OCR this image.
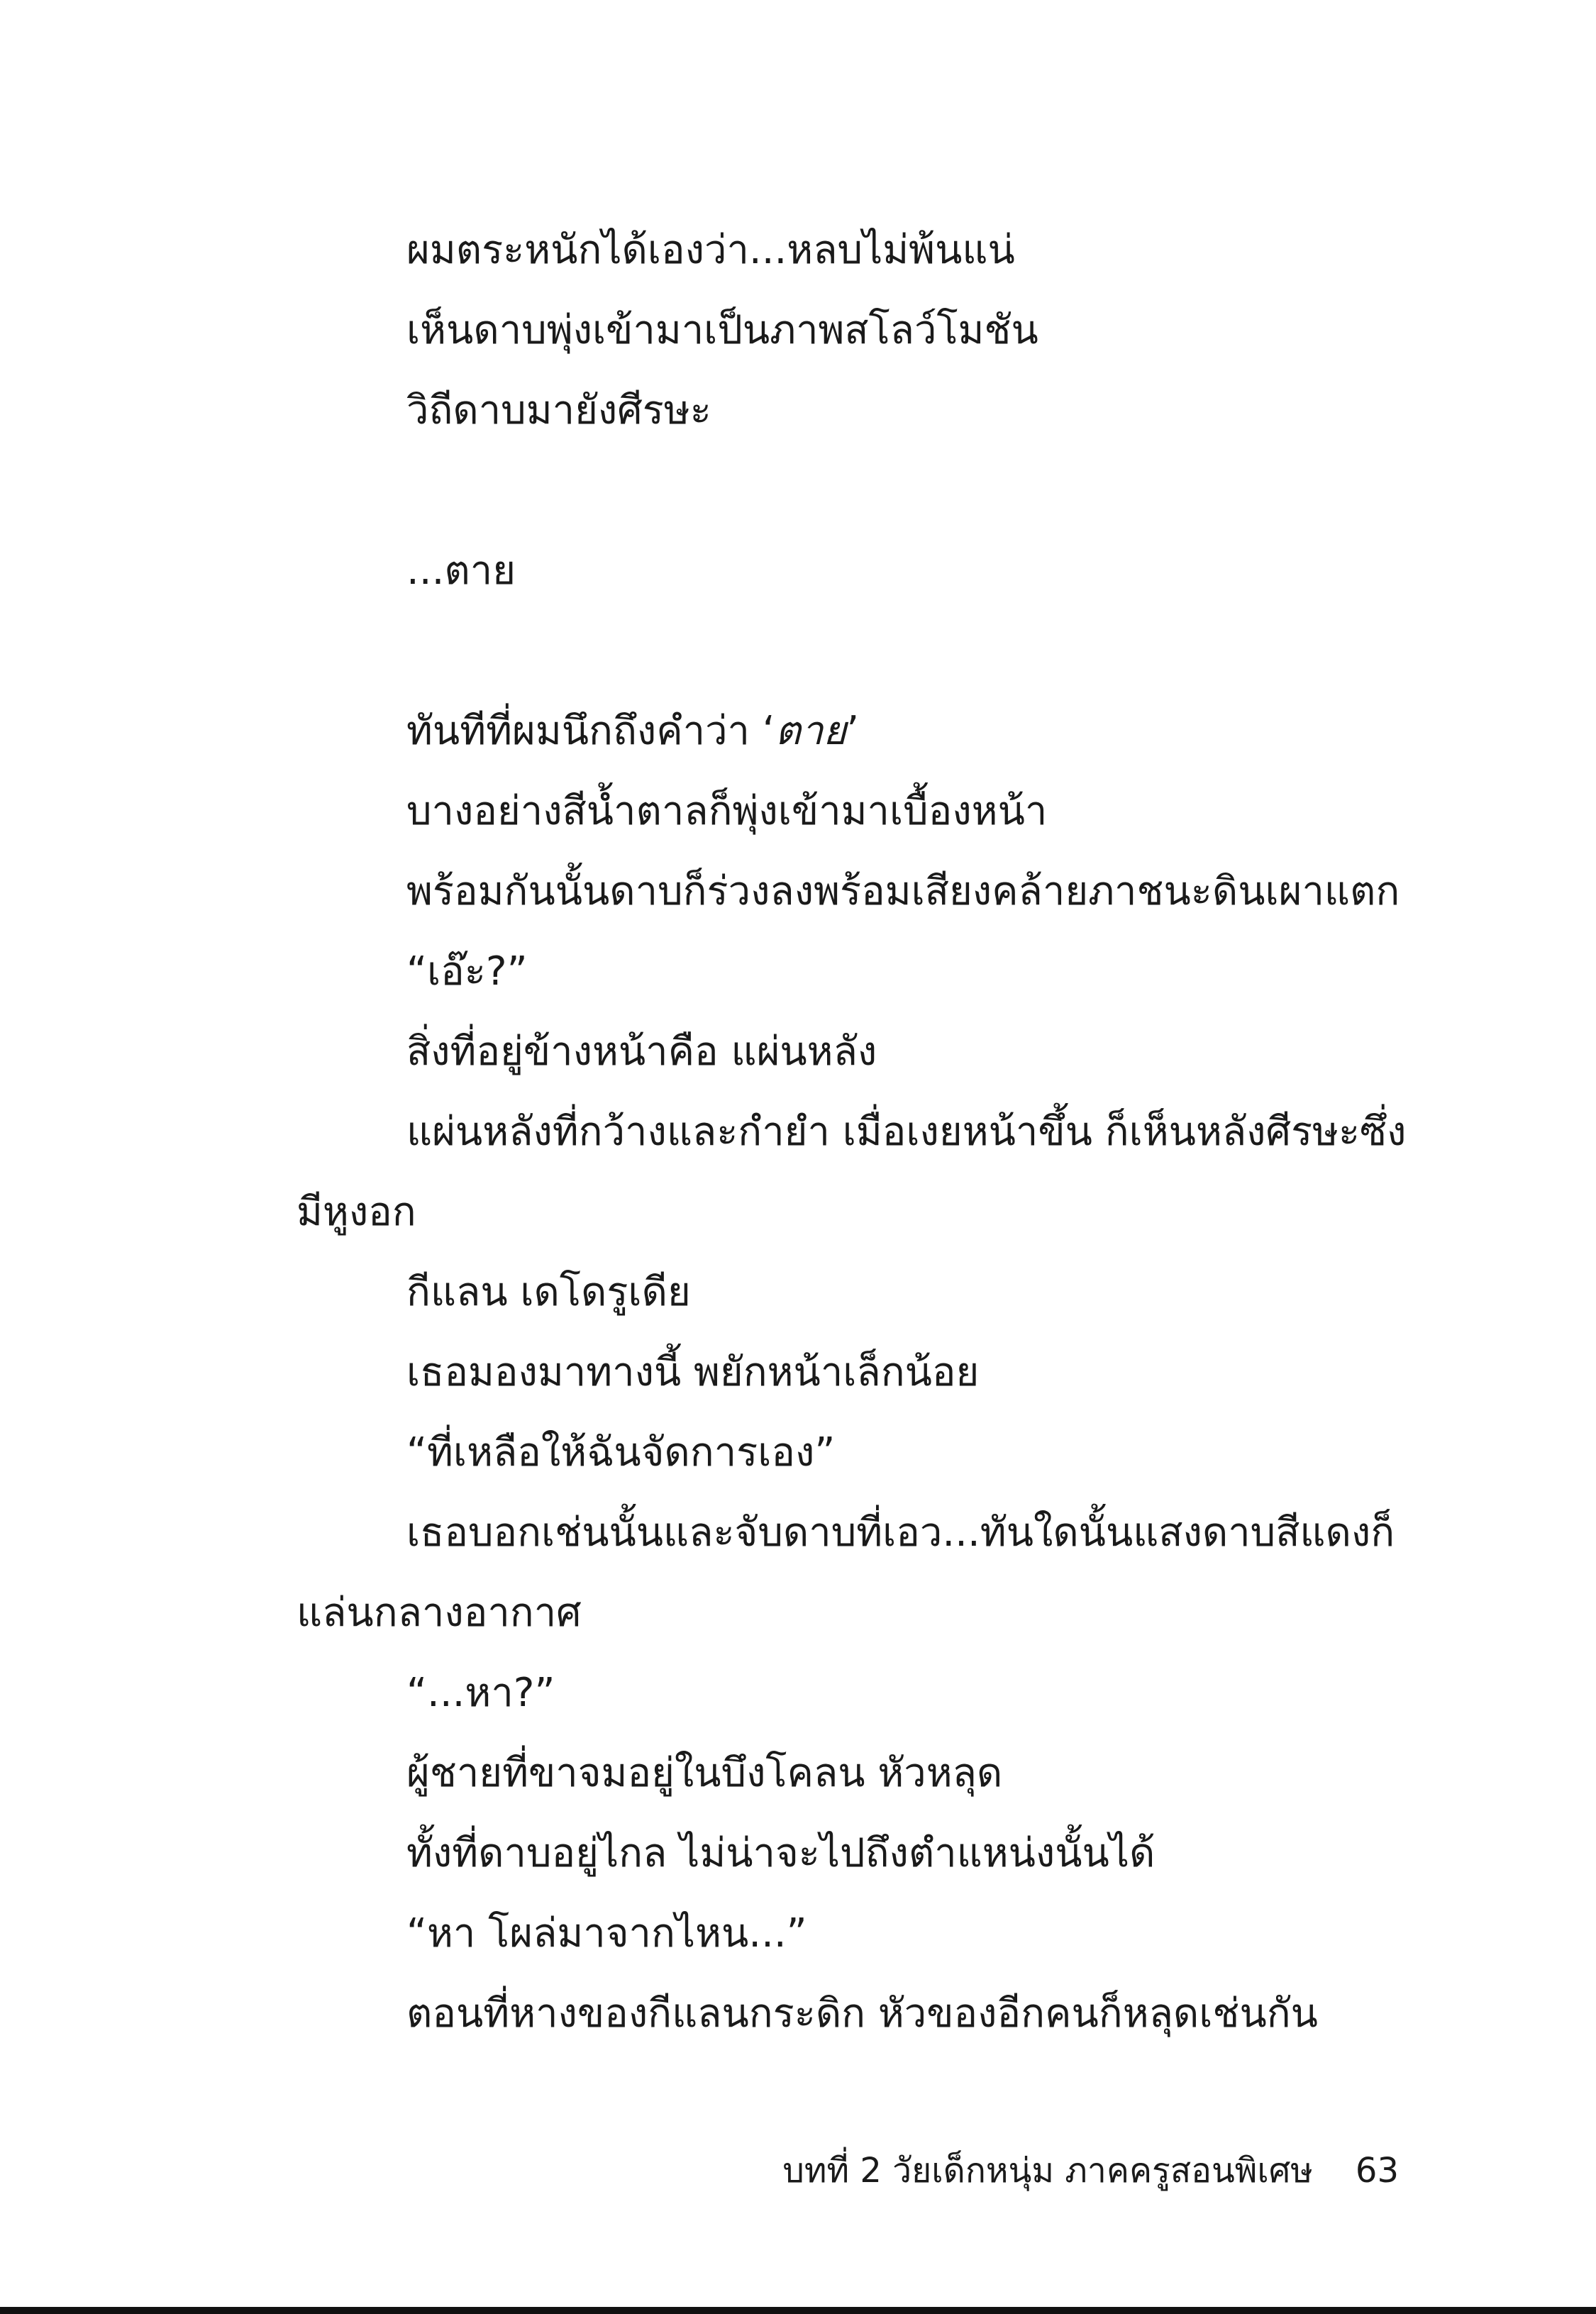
ผมตระหนักได้เองว่า...หลบไม่พ้นแน่
เห็นดาบพุ่งเข้ามาเป็นภาพสโลว์โมชัน
วิถีดาบมายังศีรษะ
...ตาย
ทันทีที่ผมนึกถึงคำว่า ‘ตาย’
บางอย่างสีน้ำตาลก็พุ่งเข้ามาเบื้องหน้า
พร้อมกันนั้นดาบก็ร่วงลงพร้อมเสียงคล้ายภาชนะดินเผาแตก
“เอ๊ะ?”
สิ่งที่อยู่ข้างหน้าคือ แผ่นหลัง
แผ่นหลังที่กว้างและกำยำ เมื่อเงยหน้าขึ้น ก็เห็นหลังศีรษะซึ่งมีหูงอก
กีแลน เดโดรูเดีย
เธอมองมาทางนี้ พยักหน้าเล็กน้อย
“ที่เหลือให้ฉันจัดการเอง”
เธอบอกเช่นนั้นและจับดาบที่เอว...ทันใดนั้นแสงดาบสีแดงก็แล่นกลางอากาศ
“...หา?”
ผู้ชายที่ขาจมอยู่ในบึงโคลน หัวหลุด
ทั้งที่ดาบอยู่ไกล ไม่น่าจะไปถึงตำแหน่งนั้นได้
“หา โผล่มาจากไหน...”
ตอนที่หางของกีแลนกระดิก หัวของอีกคนก็หลุดเช่นกัน
บทที่ 2 วัยเด็กหนุ่ม ภาคครูสอนพิเศษ 63
